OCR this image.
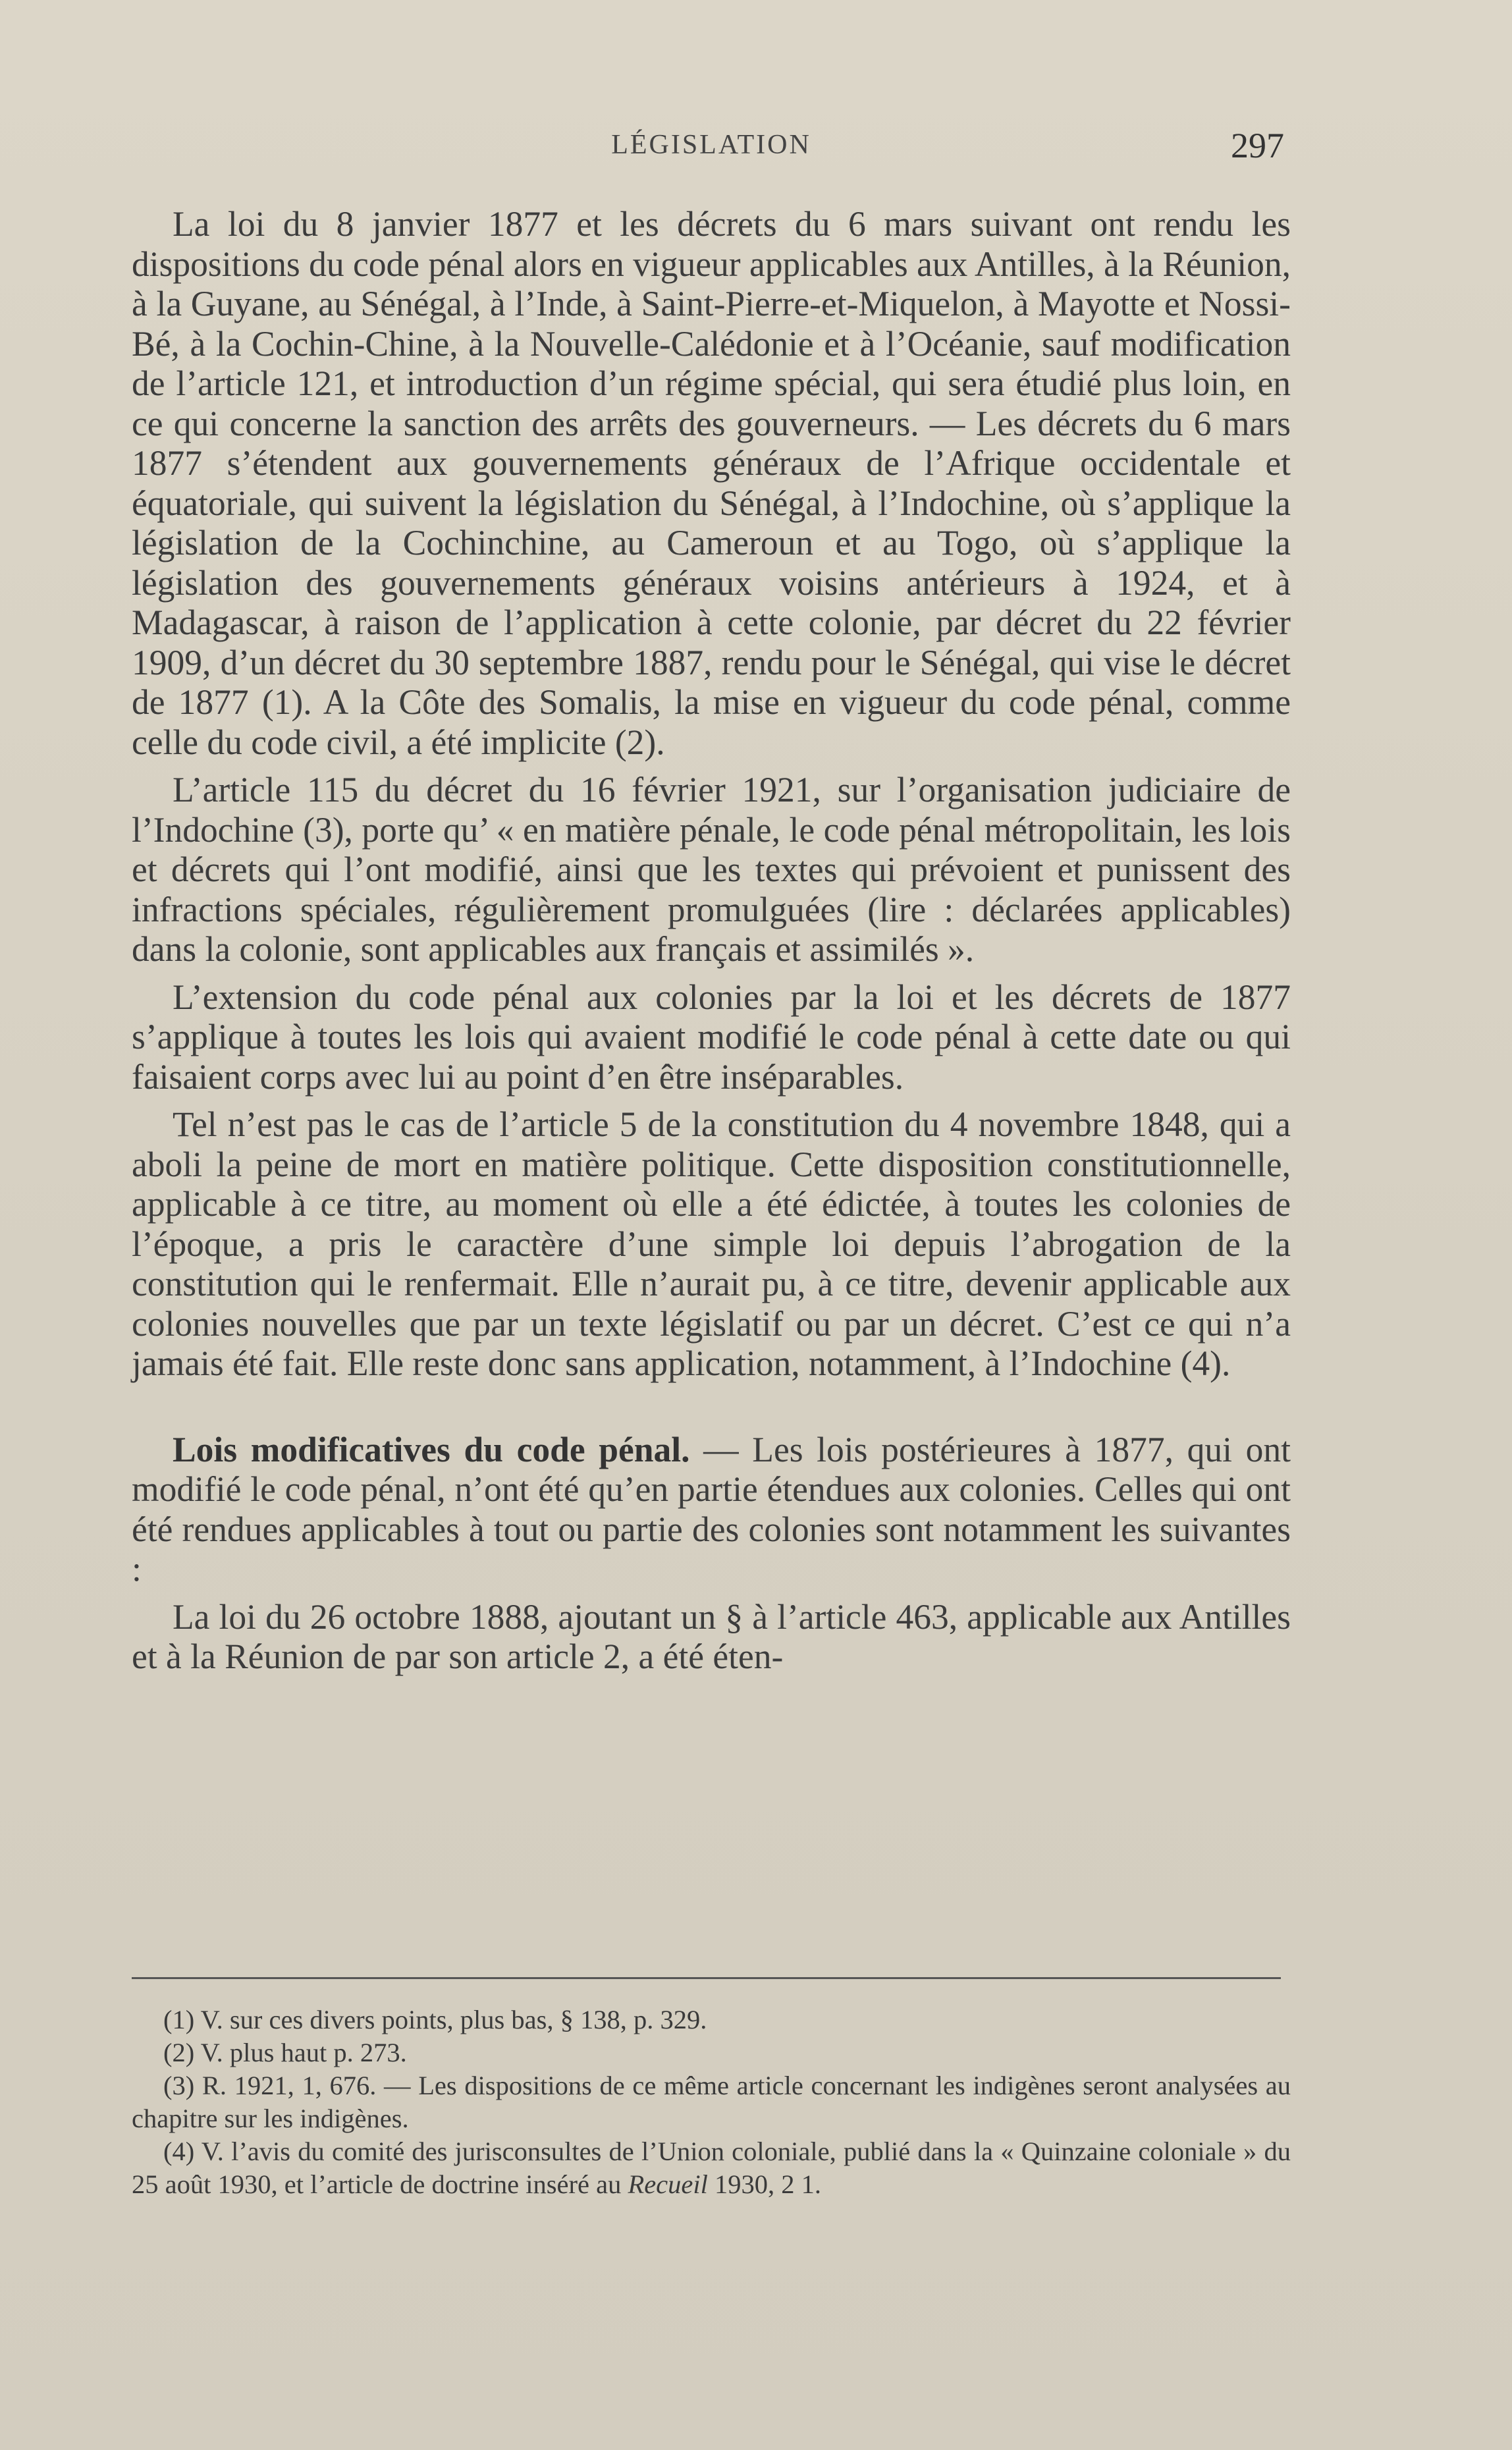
LÉGISLATION	297

La loi du 8 janvier 1877 et les décrets du 6 mars suivant ont rendu les dispositions du code pénal alors en vigueur applicables aux Antilles, à la Réunion, à la Guyane, au Sénégal, à l’Inde, à Saint-Pierre-et-Miquelon, à Mayotte et Nossi-Bé, à la Cochin-Chine, à la Nouvelle-Calédonie et à l’Océanie, sauf modification de l’article 121, et introduction d’un régime spécial, qui sera étudié plus loin, en ce qui concerne la sanction des arrêts des gouverneurs. — Les décrets du 6 mars 1877 s’étendent aux gouvernements généraux de l’Afrique occidentale et équatoriale, qui suivent la législation du Sénégal, à l’Indochine, où s’applique la législation de la Cochinchine, au Cameroun et au Togo, où s’applique la législation des gouvernements généraux voisins antérieurs à 1924, et à Madagascar, à raison de l’application à cette colonie, par décret du 22 février 1909, d’un décret du 30 septembre 1887, rendu pour le Sénégal, qui vise le décret de 1877 (1). A la Côte des Somalis, la mise en vigueur du code pénal, comme celle du code civil, a été implicite (2).

L’article 115 du décret du 16 février 1921, sur l’organisation judiciaire de l’Indochine (3), porte qu’ « en matière pénale, le code pénal métropolitain, les lois et décrets qui l’ont modifié, ainsi que les textes qui prévoient et punissent des infractions spéciales, régulièrement promulguées (lire : déclarées applicables) dans la colonie, sont applicables aux français et assimilés ».

L’extension du code pénal aux colonies par la loi et les décrets de 1877 s’applique à toutes les lois qui avaient modifié le code pénal à cette date ou qui faisaient corps avec lui au point d’en être inséparables.

Tel n’est pas le cas de l’article 5 de la constitution du 4 novembre 1848, qui a aboli la peine de mort en matière politique. Cette disposition constitutionnelle, applicable à ce titre, au moment où elle a été édictée, à toutes les colonies de l’époque, a pris le caractère d’une simple loi depuis l’abrogation de la constitution qui le renfermait. Elle n’aurait pu, à ce titre, devenir applicable aux colonies nouvelles que par un texte législatif ou par un décret. C’est ce qui n’a jamais été fait. Elle reste donc sans application, notamment, à l’Indochine (4).

Lois modificatives du code pénal. — Les lois postérieures à 1877, qui ont modifié le code pénal, n’ont été qu’en partie étendues aux colonies. Celles qui ont été rendues applicables à tout ou partie des colonies sont notamment les suivantes :

La loi du 26 octobre 1888, ajoutant un § à l’article 463, applicable aux Antilles et à la Réunion de par son article 2, a été éten-

(1) V. sur ces divers points, plus bas, § 138, p. 329.

(2) V. plus haut p. 273.

(3) R. 1921, 1, 676. — Les dispositions de ce même article concernant les indigènes seront analysées au chapitre sur les indigènes.

(4) V. l’avis du comité des jurisconsultes de l’Union coloniale, publié dans la « Quinzaine coloniale » du 25 août 1930, et l’article de doctrine inséré au Recueil 1930, 2 1.
